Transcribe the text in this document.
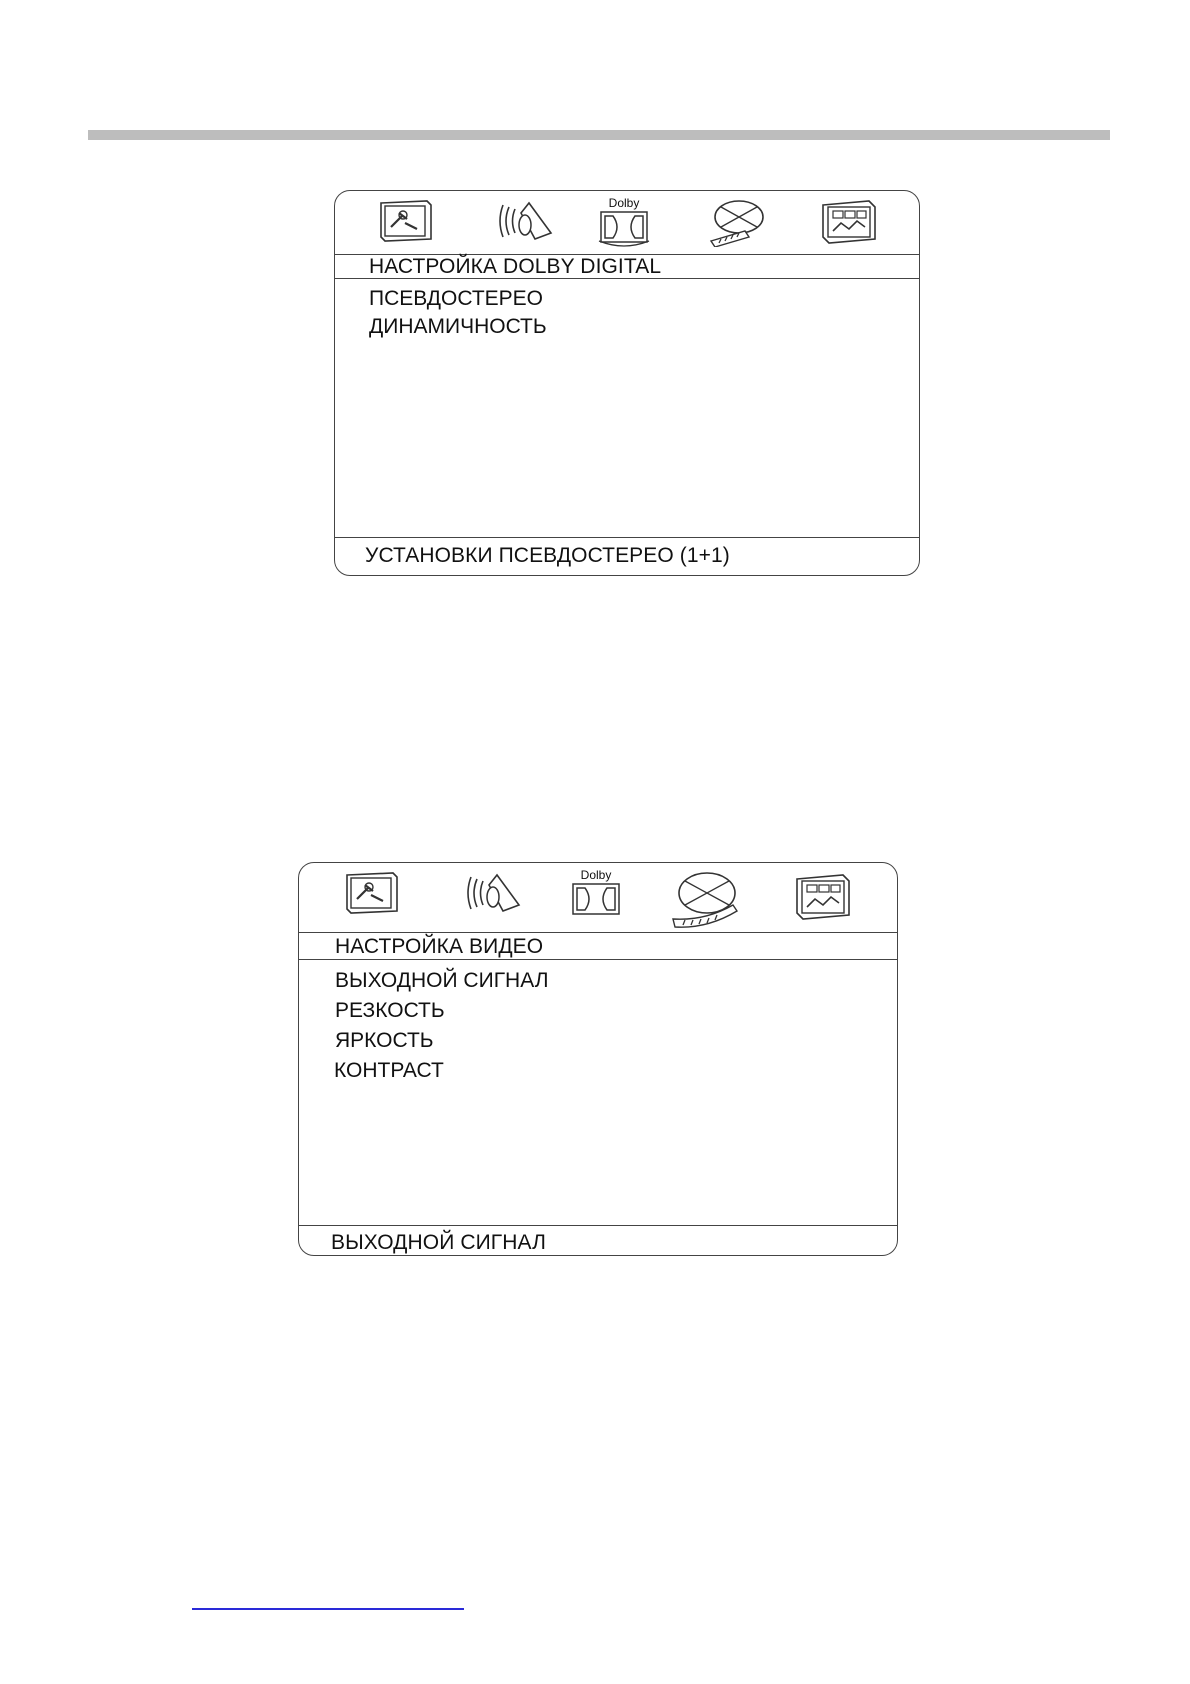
Dolby
НАСТРОЙКА DOLBY DIGITAL
ПСЕВДОСТЕРЕО
ДИНАМИЧНОСТЬ
УСТАНОВКИ ПСЕВДОСТЕРЕО (1+1)
Dolby
НАСТРОЙКА ВИДЕО
ВЫХОДНОЙ СИГНАЛ
РЕЗКОСТЬ
ЯРКОСТЬ
КОНТРАСТ
ВЫХОДНОЙ СИГНАЛ
